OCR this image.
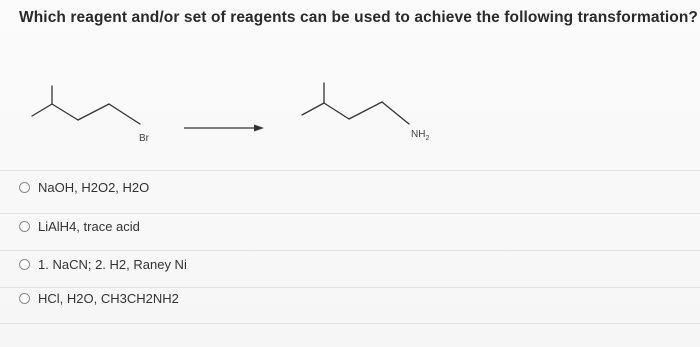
Which reagent and/or set of reagents can be used to achieve the following transformation?
Br	$NH_2$
NaOH, H2O2, H2O
LiAlH4, trace acid
1. NaCN; 2. H2, Raney Ni
HCl, H2O, CH3CH2NH2
